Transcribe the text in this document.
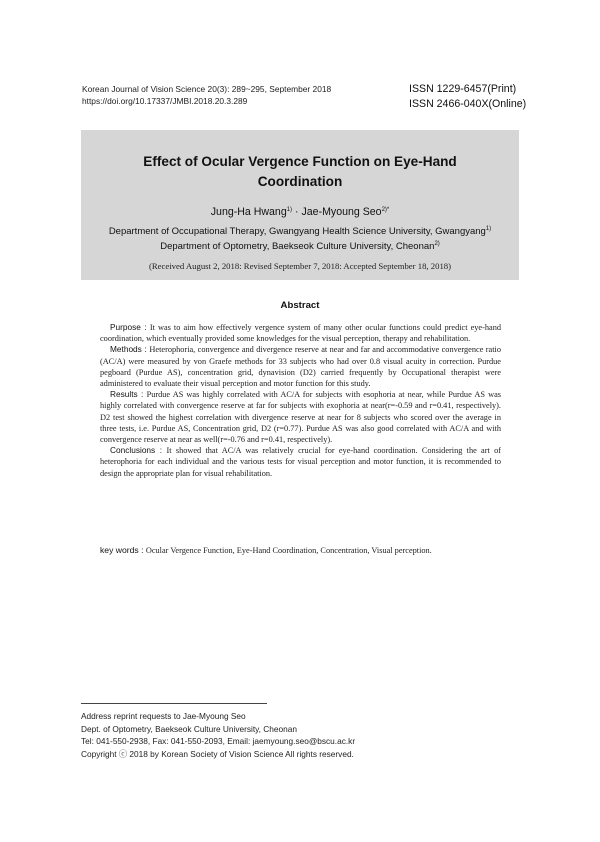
Korean Journal of Vision Science 20(3): 289~295, September 2018
https://doi.org/10.17337/JMBI.2018.20.3.289
ISSN 1229-6457(Print)
ISSN 2466-040X(Online)
Effect of Ocular Vergence Function on Eye-Hand
Coordination
Jung-Ha Hwang$^{1)}$ · Jae-Myoung Seo$^{2)*}$
Department of Occupational Therapy, Gwangyang Health Science University, Gwangyang$^{1)}$
Department of Optometry, Baekseok Culture University, Cheonan$^{2)}$
(Received August 2, 2018: Revised September 7, 2018: Accepted September 18, 2018)
Abstract

Purpose : It was to aim how effectively vergence system of many other ocular functions could predict eye-hand coordination, which eventually provided some knowledges for the visual perception, therapy and rehabilitation.

Methods : Heterophoria, convergence and divergence reserve at near and far and accommodative convergence ratio (AC/A) were measured by von Graefe methods for 33 subjects who had over 0.8 visual acuity in correction. Purdue pegboard (Purdue AS), concentration grid, dynavision (D2) carried frequently by Occupational therapist were administered to evaluate their visual perception and motor function for this study.

Results : Purdue AS was highly correlated with AC/A for subjects with esophoria at near, while Purdue AS was highly correlated with convergence reserve at far for subjects with exophoria at near(r=-0.59 and r=0.41, respectively). D2 test showed the highest correlation with divergence reserve at near for 8 subjects who scored over the average in three tests, i.e. Purdue AS, Concentration grid, D2 (r=0.77). Purdue AS was also good correlated with AC/A and with convergence reserve at near as well(r=-0.76 and r=0.41, respectively).

Conclusions : It showed that AC/A was relatively crucial for eye-hand coordination. Considering the art of heterophoria for each individual and the various tests for visual perception and motor function, it is recommended to design the appropriate plan for visual rehabilitation.

key words : Ocular Vergence Function, Eye-Hand Coordination, Concentration, Visual perception.
Address reprint requests to Jae-Myoung Seo
Dept. of Optometry, Baekseok Culture University, Cheonan
Tel: 041-550-2938, Fax: 041-550-2093, Email: jaemyoung.seo@bscu.ac.kr
Copyright ⓒ 2018 by Korean Society of Vision Science All rights reserved.
